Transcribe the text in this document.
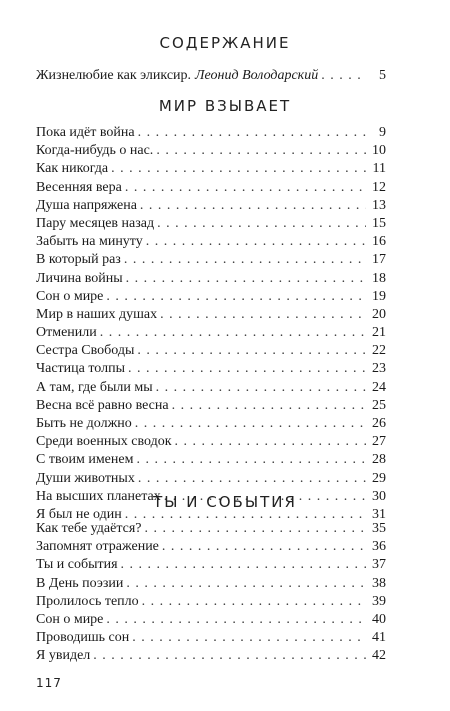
СОДЕРЖАНИЕ
Жизнелюбие как эликсир. Леонид Володарский . . .	5
МИР ВЗЫВАЕТ
Пока идёт война . . .	9
Когда-нибудь о нас. . . .	10
Как никогда . . .	11
Весенняя вера . . .	12
Душа напряжена . . .	13
Пару месяцев назад . . .	15
Забыть на минуту . . .	16
В который раз . . .	17
Личина войны . . .	18
Сон о мире . . .	19
Мир в наших душах . . .	20
Отменили . . .	21
Сестра Свободы . . .	22
Частица толпы . . .	23
А там, где были мы . . .	24
Весна всё равно весна . . .	25
Быть не должно . . .	26
Среди военных сводок . . .	27
С твоим именем . . .	28
Души животных . . .	29
На высших планетах . . .	30
Я был не один . . .	31
ТЫ И СОБЫТИЯ
Как тебе удаётся? . . .	35
Запомнят отражение . . .	36
Ты и события . . .	37
В День поэзии . . .	38
Пролилось тепло . . .	39
Сон о мире . . .	40
Проводишь сон . . .	41
Я увидел . . .	42
117
